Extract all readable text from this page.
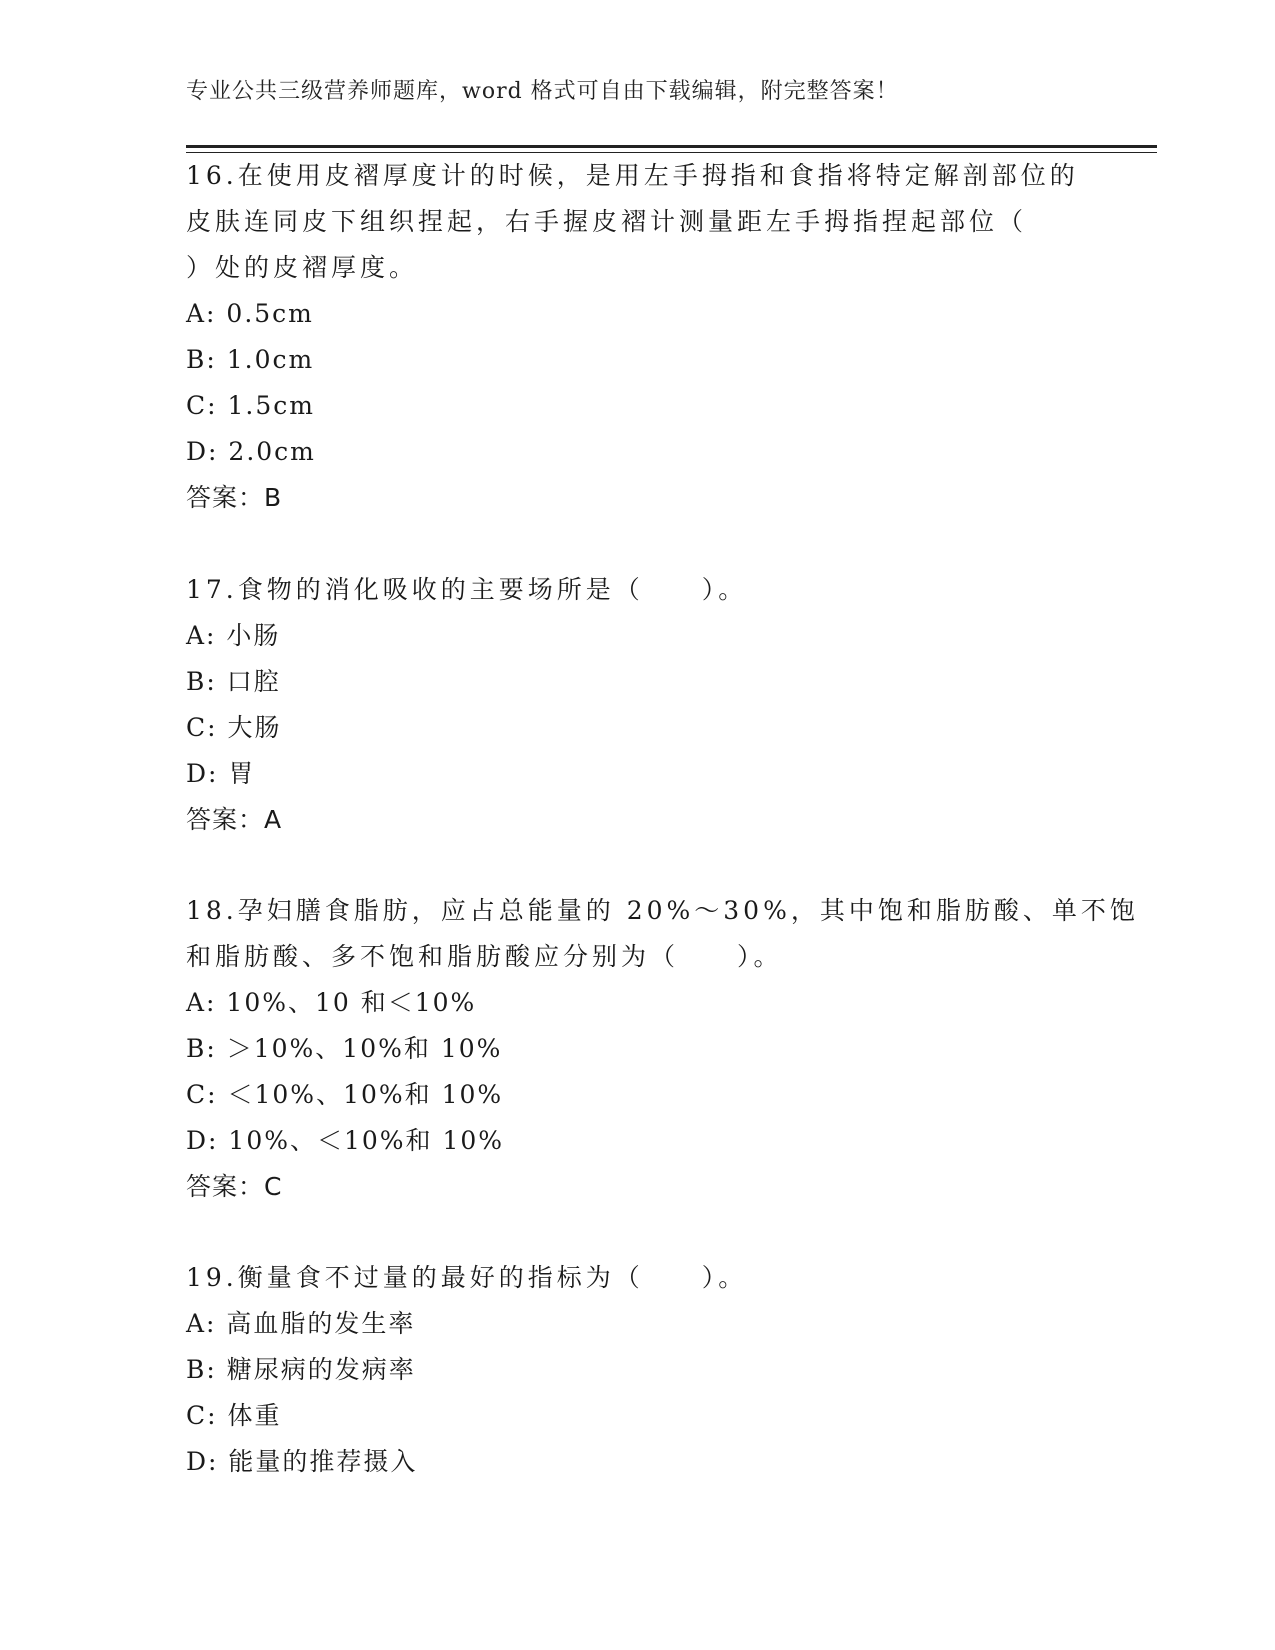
专业公共三级营养师题库，word 格式可自由下载编辑，附完整答案！
16.在使用皮褶厚度计的时候，是用左手拇指和食指将特定解剖部位的
皮肤连同皮下组织捏起，右手握皮褶计测量距左手拇指捏起部位（
）处的皮褶厚度。
A: 0.5cm
B: 1.0cm
C: 1.5cm
D: 2.0cm
答案：B
17.食物的消化吸收的主要场所是（　　）。
A: 小肠
B: 口腔
C: 大肠
D: 胃
答案：A
18.孕妇膳食脂肪，应占总能量的 20%～30%，其中饱和脂肪酸、单不饱
和脂肪酸、多不饱和脂肪酸应分别为（　　）。
A: 10%、10 和＜10%
B: ＞10%、10%和 10%
C: ＜10%、10%和 10%
D: 10%、＜10%和 10%
答案：C
19.衡量食不过量的最好的指标为（　　）。
A: 高血脂的发生率
B: 糖尿病的发病率
C: 体重
D: 能量的推荐摄入
